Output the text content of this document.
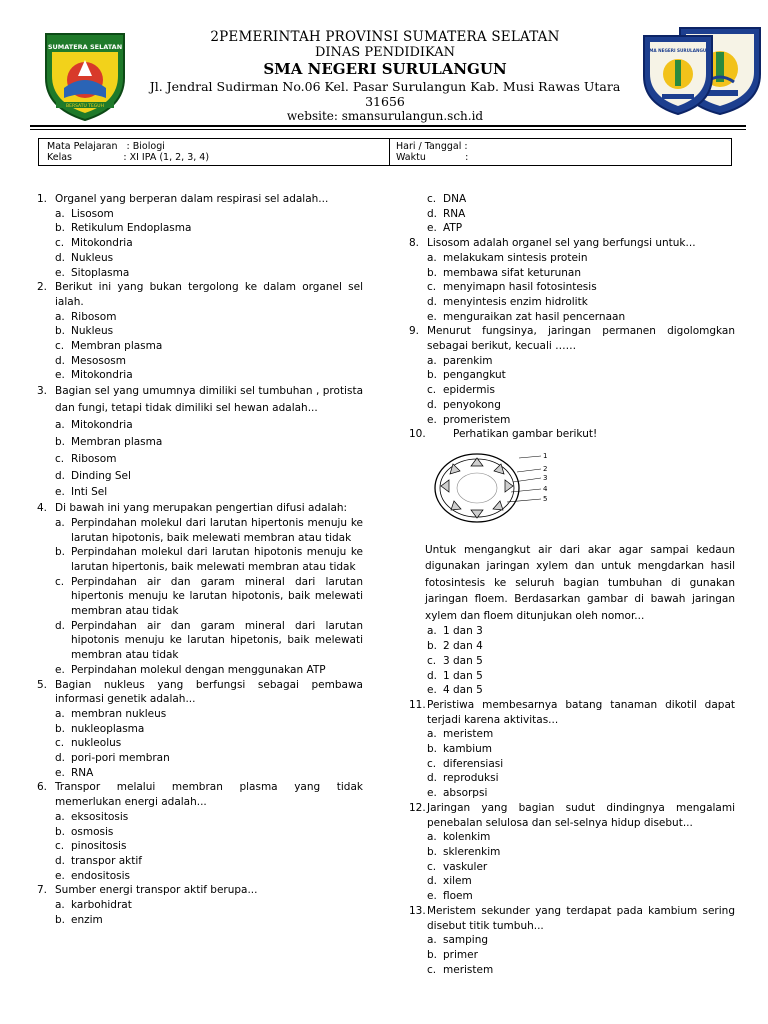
SUMATERA SELATAN
BERSATU TEGUH
2PEMERINTAH PROVINSI SUMATERA SELATAN
DINAS PENDIDIKAN
SMA NEGERI SURULANGUN
Jl. Jendral Sudirman No.06 Kel. Pasar Surulangun Kab. Musi Rawas Utara 31656
website: smansurulangun.sch.id
SMA NEGERI SURULANGUN
Mata Pelajaran   : Biologi
Kelas                 : XI IPA (1, 2, 3, 4)
Hari / Tanggal :
Waktu             :
1. Organel yang berperan dalam respirasi sel adalah...
a. Lisosom
b. Retikulum Endoplasma
c. Mitokondria
d. Nukleus
e. Sitoplasma
2. Berikut ini yang bukan tergolong ke dalam organel sel ialah.
a. Ribosom
b. Nukleus
c. Membran plasma
d. Mesososm
e. Mitokondria
3. Bagian sel yang umumnya dimiliki sel tumbuhan , protista dan fungi, tetapi tidak dimiliki sel hewan adalah...
a. Mitokondria
b. Membran plasma
c. Ribosom
d. Dinding Sel
e. Inti Sel
4. Di bawah ini yang merupakan pengertian difusi adalah:
a. Perpindahan molekul dari larutan hipertonis menuju ke larutan hipotonis, baik melewati membran atau tidak
b. Perpindahan molekul dari larutan hipotonis menuju ke larutan hipertonis, baik melewati membran atau tidak
c. Perpindahan air dan garam mineral dari larutan hipertonis menuju ke larutan hipotonis, baik melewati membran atau tidak
d. Perpindahan air dan garam mineral dari larutan hipotonis menuju ke larutan hipetonis, baik melewati membran atau tidak
e. Perpindahan molekul dengan menggunakan ATP
5. Bagian nukleus yang berfungsi sebagai pembawa informasi genetik adalah...
a. membran nukleus
b. nukleoplasma
c. nukleolus
d. pori-pori membran
e. RNA
6. Transpor melalui membran plasma yang tidak memerlukan energi adalah...
a. eksositosis
b. osmosis
c. pinositosis
d. transpor aktif
e. endositosis
7. Sumber energi transpor aktif berupa...
a. karbohidrat
b. enzim
c. DNA
d. RNA
e. ATP
8. Lisosom adalah organel sel yang berfungsi untuk...
a. melakukam sintesis protein
b. membawa sifat keturunan
c. menyimapn hasil fotosintesis
d. menyintesis enzim hidrolitk
e. menguraikan zat hasil pencernaan
9. Menurut fungsinya, jaringan permanen digolomgkan sebagai berikut, kecuali ……
a. parenkim
b. pengangkut
c. epidermis
d. penyokong
e. promeristem
10.	Perhatikan gambar berikut!
1
2
3
4
5
Untuk mengangkut air dari akar agar sampai kedaun digunakan jaringan xylem dan untuk mengdarkan hasil fotosintesis ke seluruh bagian tumbuhan di gunakan jaringan floem. Berdasarkan gambar di bawah jaringan xylem dan floem ditunjukan oleh nomor...
a. 1 dan 3
b. 2 dan 4
c. 3 dan 5
d. 1 dan 5
e. 4 dan 5
11. Peristiwa membesarnya batang tanaman dikotil dapat terjadi karena aktivitas...
a. meristem
b. kambium
c. diferensiasi
d. reproduksi
e. absorpsi
12. Jaringan yang bagian sudut dindingnya mengalami penebalan selulosa dan sel-selnya hidup disebut...
a. kolenkim
b. sklerenkim
c. vaskuler
d. xilem
e. floem
13. Meristem sekunder yang terdapat pada kambium sering disebut titik tumbuh...
a. samping
b. primer
c. meristem
